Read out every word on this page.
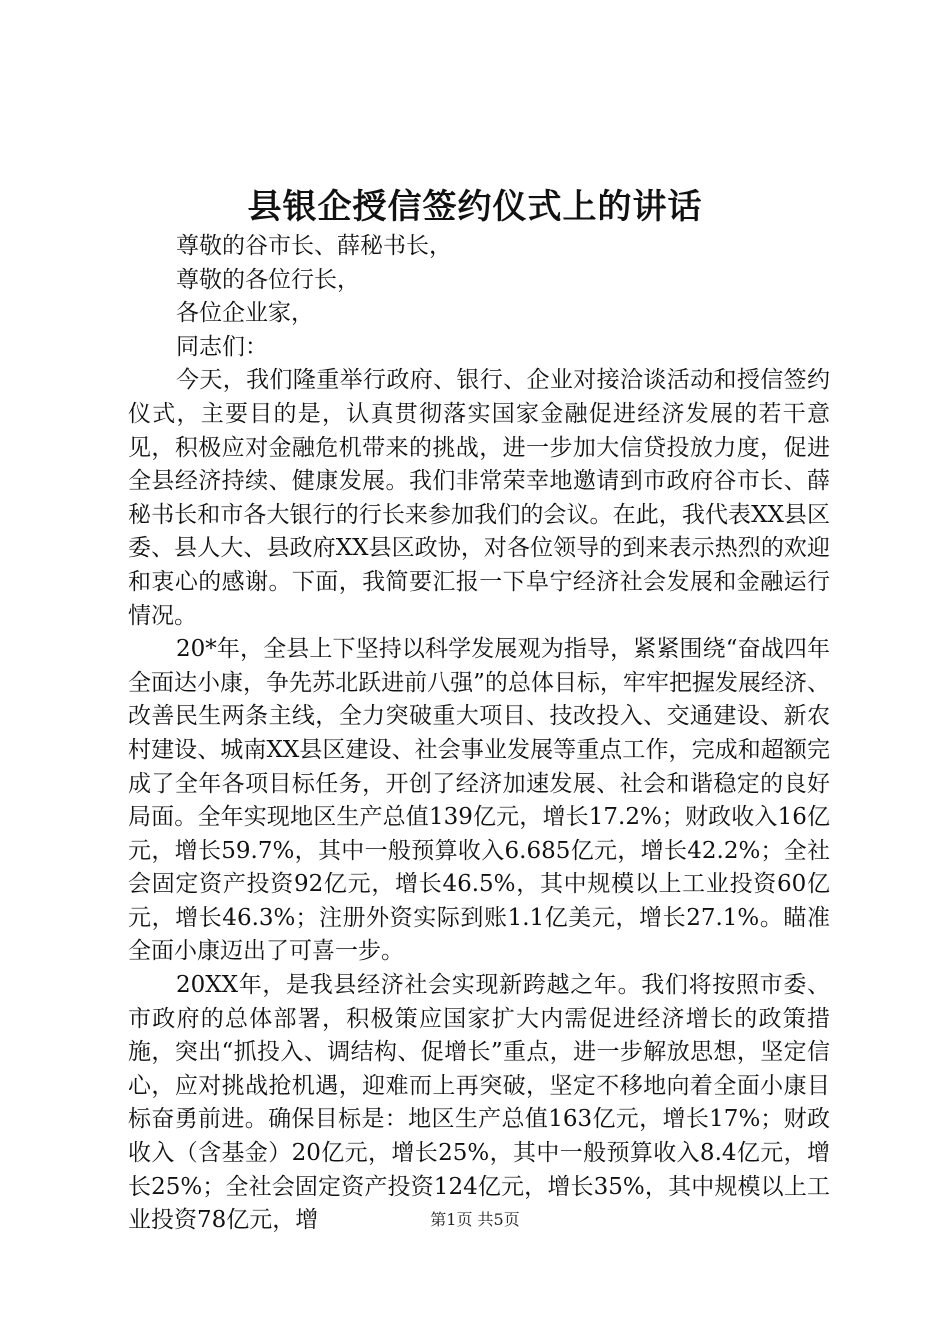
县银企授信签约仪式上的讲话

尊敬的谷市长、薛秘书长，

尊敬的各位行长，

各位企业家，

同志们：

今天，我们隆重举行政府、银行、企业对接洽谈活动和授信签约仪式，主要目的是，认真贯彻落实国家金融促进经济发展的若干意见，积极应对金融危机带来的挑战，进一步加大信贷投放力度，促进全县经济持续、健康发展。我们非常荣幸地邀请到市政府谷市长、薛秘书长和市各大银行的行长来参加我们的会议。在此，我代表XX县区委、县人大、县政府XX县区政协，对各位领导的到来表示热烈的欢迎和衷心的感谢。下面，我简要汇报一下阜宁经济社会发展和金融运行情况。

20*年，全县上下坚持以科学发展观为指导，紧紧围绕“奋战四年全面达小康，争先苏北跃进前八强”的总体目标，牢牢把握发展经济、改善民生两条主线，全力突破重大项目、技改投入、交通建设、新农村建设、城南XX县区建设、社会事业发展等重点工作，完成和超额完成了全年各项目标任务，开创了经济加速发展、社会和谐稳定的良好局面。全年实现地区生产总值139亿元，增长17.2%；财政收入16亿元，增长59.7%，其中一般预算收入6.685亿元，增长42.2%；全社会固定资产投资92亿元，增长46.5%，其中规模以上工业投资60亿元，增长46.3%；注册外资实际到账1.1亿美元，增长27.1%。瞄准全面小康迈出了可喜一步。

20XX年，是我县经济社会实现新跨越之年。我们将按照市委、市政府的总体部署，积极策应国家扩大内需促进经济增长的政策措施，突出“抓投入、调结构、促增长”重点，进一步解放思想，坚定信心，应对挑战抢机遇，迎难而上再突破，坚定不移地向着全面小康目标奋勇前进。确保目标是：地区生产总值163亿元，增长17%；财政收入（含基金）20亿元，增长25%，其中一般预算收入8.4亿元，增长25%；全社会固定资产投资124亿元，增长35%，其中规模以上工业投资78亿元，增	第1页 共5页
